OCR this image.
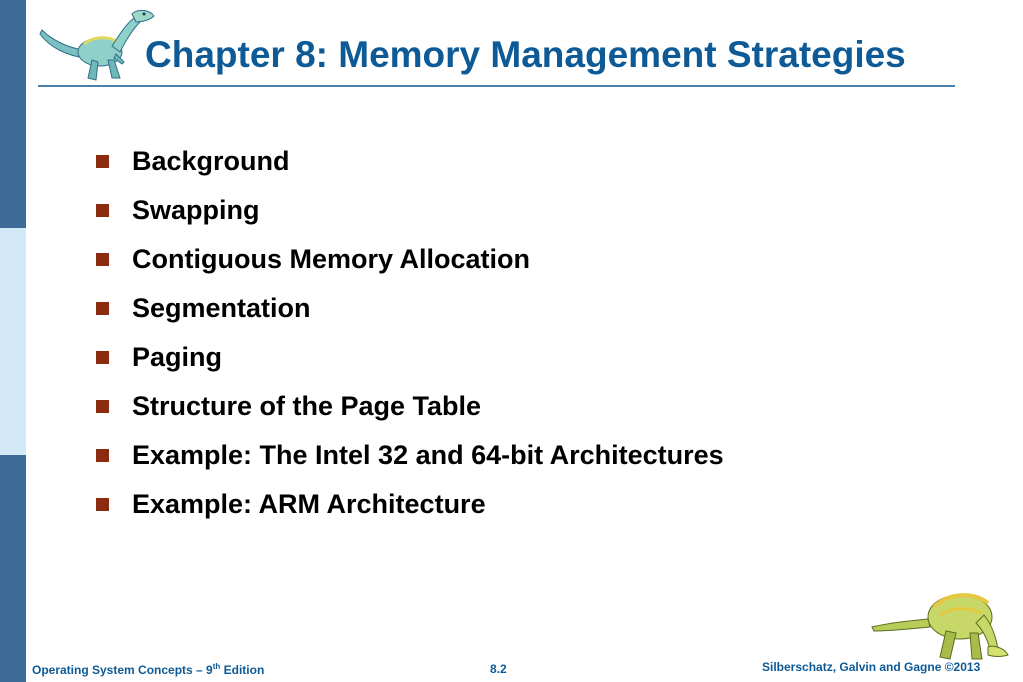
Chapter 8: Memory Management Strategies
Background
Swapping
Contiguous Memory Allocation
Segmentation
Paging
Structure of the Page Table
Example: The Intel 32 and 64-bit Architectures
Example: ARM Architecture
Operating System Concepts – 9th Edition	8.2	Silberschatz, Galvin and Gagne ©2013
